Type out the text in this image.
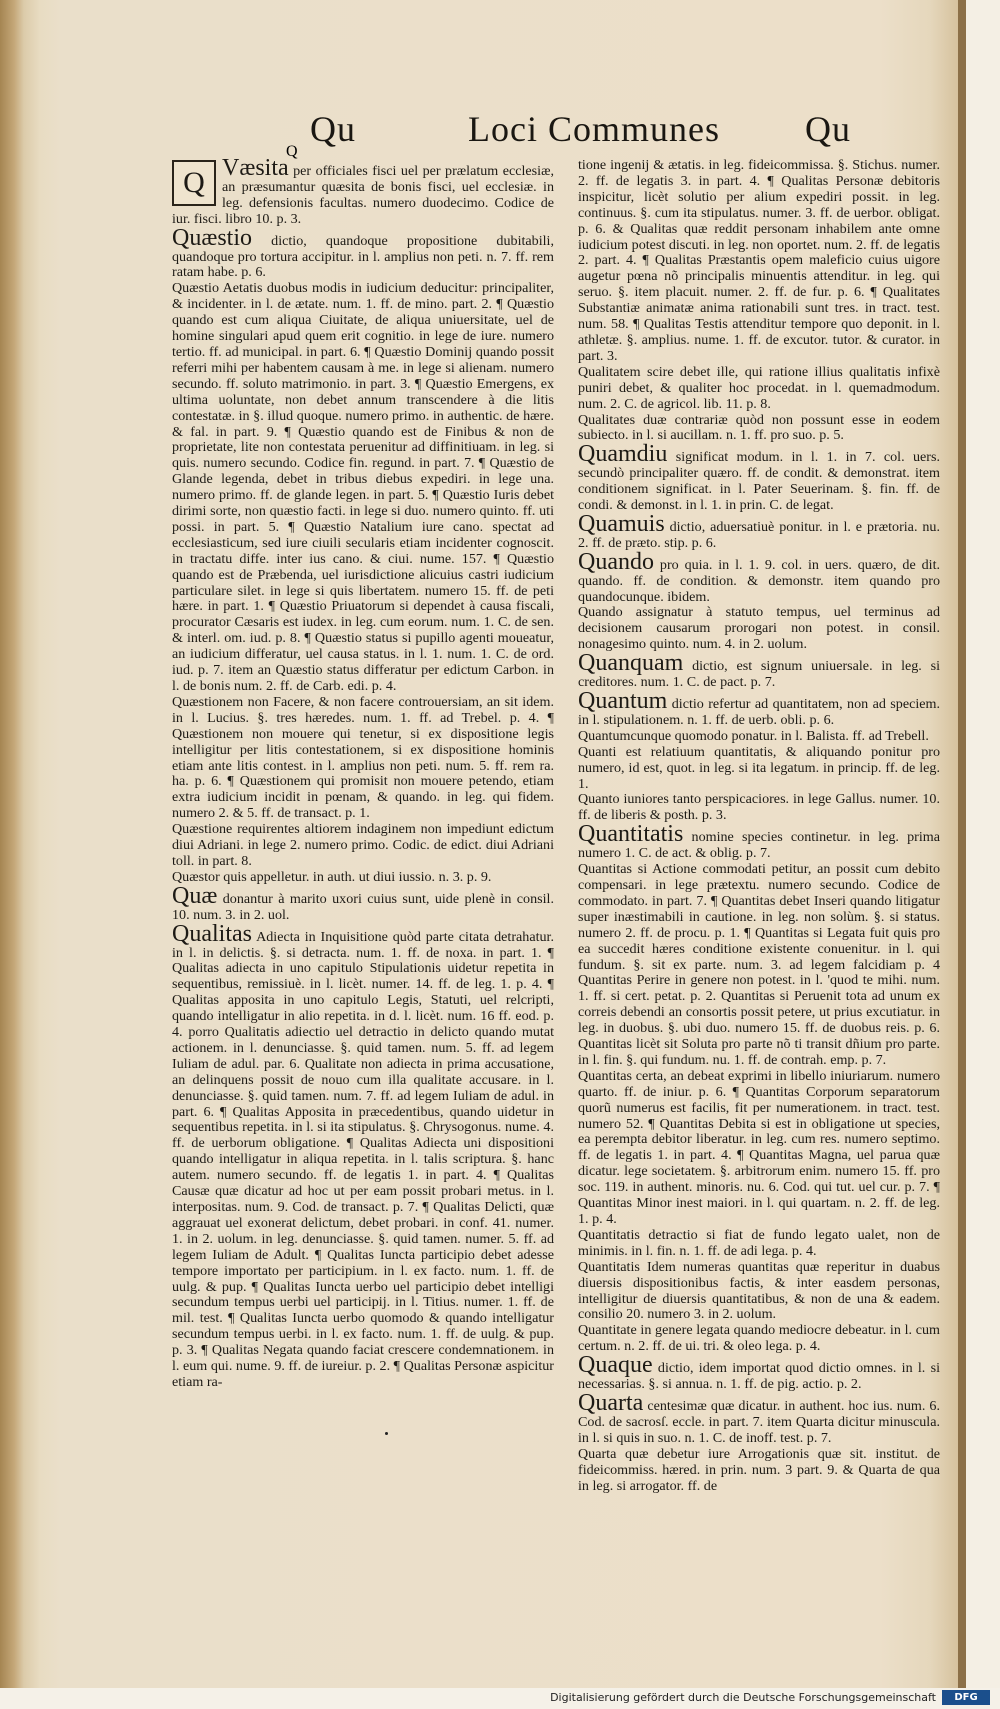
Qu	Loci Communes Qu
Q

Q Væsita per officiales fisci uel per prælatum ecclesiæ, an præsumantur quæsita de bonis fisci, uel ecclesiæ. in leg. defensionis facultas. numero duodecimo. Codice de iur. fisci. libro 10. p. 3.

Quæstio dictio, quandoque propositione dubitabili, quandoque pro tortura accipitur. in l. amplius non peti. n. 7. ff. rem ratam habe. p. 6.

Quæstio Aetatis duobus modis in iudicium deducitur: principaliter, & incidenter. in l. de ætate. num. 1. ff. de mino. part. 2. ¶ Quæstio quando est cum aliqua Ciuitate, de aliqua uniuersitate, uel de homine singulari apud quem erit cognitio. in lege de iure. numero tertio. ff. ad municipal. in part. 6. ¶ Quæstio Dominij quando possit referri mihi per habentem causam à me. in lege si alienam. numero secundo. ff. soluto matrimonio. in part. 3. ¶ Quæstio Emergens, ex ultima uoluntate, non debet annum transcendere à die litis contestatæ. in §. illud quoque. numero primo. in authentic. de hære. & fal. in part. 9. ¶ Quæstio quando est de Finibus & non de proprietate, lite non contestata peruenitur ad diffinitiuam. in leg. si quis. numero secundo. Codice fin. regund. in part. 7. ¶ Quæstio de Glande legenda, debet in tribus diebus expediri. in lege una. numero primo. ff. de glande legen. in part. 5. ¶ Quæstio Iuris debet dirimi sorte, non quæstio facti. in lege si duo. numero quinto. ff. uti possi. in part. 5. ¶ Quæstio Natalium iure cano. spectat ad ecclesiasticum, sed iure ciuili secularis etiam incidenter cognoscit. in tractatu diffe. inter ius cano. & ciui. nume. 157. ¶ Quæstio quando est de Præbenda, uel iurisdictione alicuius castri iudicium particulare silet. in lege si quis libertatem. numero 15. ff. de peti hære. in part. 1. ¶ Quæstio Priuatorum si dependet à causa fiscali, procurator Cæsaris est iudex. in leg. cum eorum. num. 1. C. de sen. & interl. om. iud. p. 8. ¶ Quæstio status si pupillo agenti moueatur, an iudicium differatur, uel causa status. in l. 1. num. 1. C. de ord. iud. p. 7. item an Quæstio status differatur per edictum Carbon. in l. de bonis num. 2. ff. de Carb. edi. p. 4.

Quæstionem non Facere, & non facere controuersiam, an sit idem. in l. Lucius. §. tres hæredes. num. 1. ff. ad Trebel. p. 4. ¶ Quæstionem non mouere qui tenetur, si ex dispositione legis intelligitur per litis contestationem, si ex dispositione hominis etiam ante litis contest. in l. amplius non peti. num. 5. ff. rem ra. ha. p. 6. ¶ Quæstionem qui promisit non mouere petendo, etiam extra iudicium incidit in pœnam, & quando. in leg. qui fidem. numero 2. & 5. ff. de transact. p. 1.

Quæstione requirentes altiorem indaginem non impediunt edictum diui Adriani. in lege 2. numero primo. Codic. de edict. diui Adriani toll. in part. 8.

Quæstor quis appelletur. in auth. ut diui iussio. n. 3. p. 9.

Quæ donantur à marito uxori cuius sunt, uide plenè in consil. 10. num. 3. in 2. uol.

Qualitas Adiecta in Inquisitione quòd parte citata detrahatur. in l. in delictis. §. si detracta. num. 1. ff. de noxa. in part. 1. ¶ Qualitas adiecta in uno capitulo Stipulationis uidetur repetita in sequentibus, remissiuè. in l. licèt. numer. 14. ff. de leg. 1. p. 4. ¶ Qualitas apposita in uno capitulo Legis, Statuti, uel relcripti, quando intelligatur in alio repetita. in d. l. licèt. num. 16 ff. eod. p. 4. porro Qualitatis adiectio uel detractio in delicto quando mutat actionem. in l. denunciasse. §. quid tamen. num. 5. ff. ad legem Iuliam de adul. par. 6. Qualitate non adiecta in prima accusatione, an delinquens possit de nouo cum illa qualitate accusare. in l. denunciasse. §. quid tamen. num. 7. ff. ad legem Iuliam de adul. in part. 6. ¶ Qualitas Apposita in præcedentibus, quando uidetur in sequentibus repetita. in l. si ita stipulatus. §. Chrysogonus. nume. 4. ff. de uerborum obligatione. ¶ Qualitas Adiecta uni dispositioni quando intelligatur in aliqua repetita. in l. talis scriptura. §. hanc autem. numero secundo. ff. de legatis 1. in part. 4. ¶ Qualitas Causæ quæ dicatur ad hoc ut per eam possit probari metus. in l. interpositas. num. 9. Cod. de transact. p. 7. ¶ Qualitas Delicti, quæ aggrauat uel exonerat delictum, debet probari. in conf. 41. numer. 1. in 2. uolum. in leg. denunciasse. §. quid tamen. numer. 5. ff. ad legem Iuliam de Adult. ¶ Qualitas Iuncta participio debet adesse tempore importato per participium. in l. ex facto. num. 1. ff. de uulg. & pup. ¶ Qualitas Iuncta uerbo uel participio debet intelligi secundum tempus uerbi uel participij. in l. Titius. numer. 1. ff. de mil. test. ¶ Qualitas Iuncta uerbo quomodo & quando intelligatur secundum tempus uerbi. in l. ex facto. num. 1. ff. de uulg. & pup. p. 3. ¶ Qualitas Negata quando faciat crescere condemnationem. in l. eum qui. nume. 9. ff. de iureiur. p. 2. ¶ Qualitas Personæ aspicitur etiam ra-

tione ingenij & ætatis. in leg. fideicommissa. §. Stichus. numer. 2. ff. de legatis 3. in part. 4. ¶ Qualitas Personæ debitoris inspicitur, licèt solutio per alium expediri possit. in leg. continuus. §. cum ita stipulatus. numer. 3. ff. de uerbor. obligat. p. 6. & Qualitas quæ reddit personam inhabilem ante omne iudicium potest discuti. in leg. non oportet. num. 2. ff. de legatis 2. part. 4. ¶ Qualitas Præstantis opem maleficio cuius uigore augetur pœna nõ principalis minuentis attenditur. in leg. qui seruo. §. item placuit. numer. 2. ff. de fur. p. 6. ¶ Qualitates Substantiæ animatæ anima rationabili sunt tres. in tract. test. num. 58. ¶ Qualitas Testis attenditur tempore quo deponit. in l. athletæ. §. amplius. nume. 1. ff. de excutor. tutor. & curator. in part. 3.

Qualitatem scire debet ille, qui ratione illius qualitatis infixè puniri debet, & qualiter hoc procedat. in l. quemadmodum. num. 2. C. de agricol. lib. 11. p. 8.

Qualitates duæ contrariæ quòd non possunt esse in eodem subiecto. in l. si aucillam. n. 1. ff. pro suo. p. 5.

Quamdiu significat modum. in l. 1. in 7. col. uers. secundò principaliter quæro. ff. de condit. & demonstrat. item conditionem significat. in l. Pater Seuerinam. §. fin. ff. de condi. & demonst. in l. 1. in prin. C. de legat.

Quamuis dictio, aduersatiuè ponitur. in l. e prætoria. nu. 2. ff. de præto. stip. p. 6.

Quando pro quia. in l. 1. 9. col. in uers. quæro, de dit. quando. ff. de condition. & demonstr. item quando pro quandocunque. ibidem.

Quando assignatur à statuto tempus, uel terminus ad decisionem causarum prorogari non potest. in consil. nonagesimo quinto. num. 4. in 2. uolum.

Quanquam dictio, est signum uniuersale. in leg. si creditores. num. 1. C. de pact. p. 7.

Quantum dictio refertur ad quantitatem, non ad speciem. in l. stipulationem. n. 1. ff. de uerb. obli. p. 6.

Quantumcunque quomodo ponatur. in l. Balista. ff. ad Trebell.

Quanti est relatiuum quantitatis, & aliquando ponitur pro numero, id est, quot. in leg. si ita legatum. in princip. ff. de leg. 1.

Quanto iuniores tanto perspicaciores. in lege Gallus. numer. 10. ff. de liberis & posth. p. 3.

Quantitatis nomine species continetur. in leg. prima numero 1. C. de act. & oblig. p. 7.

Quantitas si Actione commodati petitur, an possit cum debito compensari. in lege prætextu. numero secundo. Codice de commodato. in part. 7. ¶ Quantitas debet Inseri quando litigatur super inæstimabili in cautione. in leg. non solùm. §. si status. numero 2. ff. de procu. p. 1. ¶ Quantitas si Legata fuit quis pro ea succedit hæres conditione existente conuenitur. in l. qui fundum. §. sit ex parte. num. 3. ad legem falcidiam p. 4 Quantitas Perire in genere non potest. in l. 'quod te mihi. num. 1. ff. si cert. petat. p. 2. Quantitas si Peruenit tota ad unum ex correis debendi an consortis possit petere, ut prius excutiatur. in leg. in duobus. §. ubi duo. numero 15. ff. de duobus reis. p. 6. Quantitas licèt sit Soluta pro parte nõ ti transit dñium pro parte. in l. fin. §. qui fundum. nu. 1. ff. de contrah. emp. p. 7.

Quantitas certa, an debeat exprimi in libello iniuriarum. numero quarto. ff. de iniur. p. 6. ¶ Quantitas Corporum separatorum quorũ numerus est facilis, fit per numerationem. in tract. test. numero 52. ¶ Quantitas Debita si est in obligatione ut species, ea perempta debitor liberatur. in leg. cum res. numero septimo. ff. de legatis 1. in part. 4. ¶ Quantitas Magna, uel parua quæ dicatur. lege societatem. §. arbitrorum enim. numero 15. ff. pro soc. 119. in authent. minoris. nu. 6. Cod. qui tut. uel cur. p. 7. ¶ Quantitas Minor inest maiori. in l. qui quartam. n. 2. ff. de leg. 1. p. 4.

Quantitatis detractio si fiat de fundo legato ualet, non de minimis. in l. fin. n. 1. ff. de adi lega. p. 4.

Quantitatis Idem numeras quantitas quæ reperitur in duabus diuersis dispositionibus factis, & inter easdem personas, intelligitur de diuersis quantitatibus, & non de una & eadem. consilio 20. numero 3. in 2. uolum.

Quantitate in genere legata quando mediocre debeatur. in l. cum certum. n. 2. ff. de ui. tri. & oleo lega. p. 4.

Quaque dictio, idem importat quod dictio omnes. in l. si necessarias. §. si annua. n. 1. ff. de pig. actio. p. 2.

Quarta centesimæ quæ dicatur. in authent. hoc ius. num. 6. Cod. de sacrosſ. eccle. in part. 7. item Quarta dicitur minuscula. in l. si quis in suo. n. 1. C. de inoff. test. p. 7.

Quarta quæ debetur iure Arrogationis quæ sit. institut. de fideicommiss. hæred. in prin. num. 3 part. 9. & Quarta de qua in leg. si arrogator. ff. de

Digitalisierung gefördert durch die Deutsche Forschungsgemeinschaft	DFG
